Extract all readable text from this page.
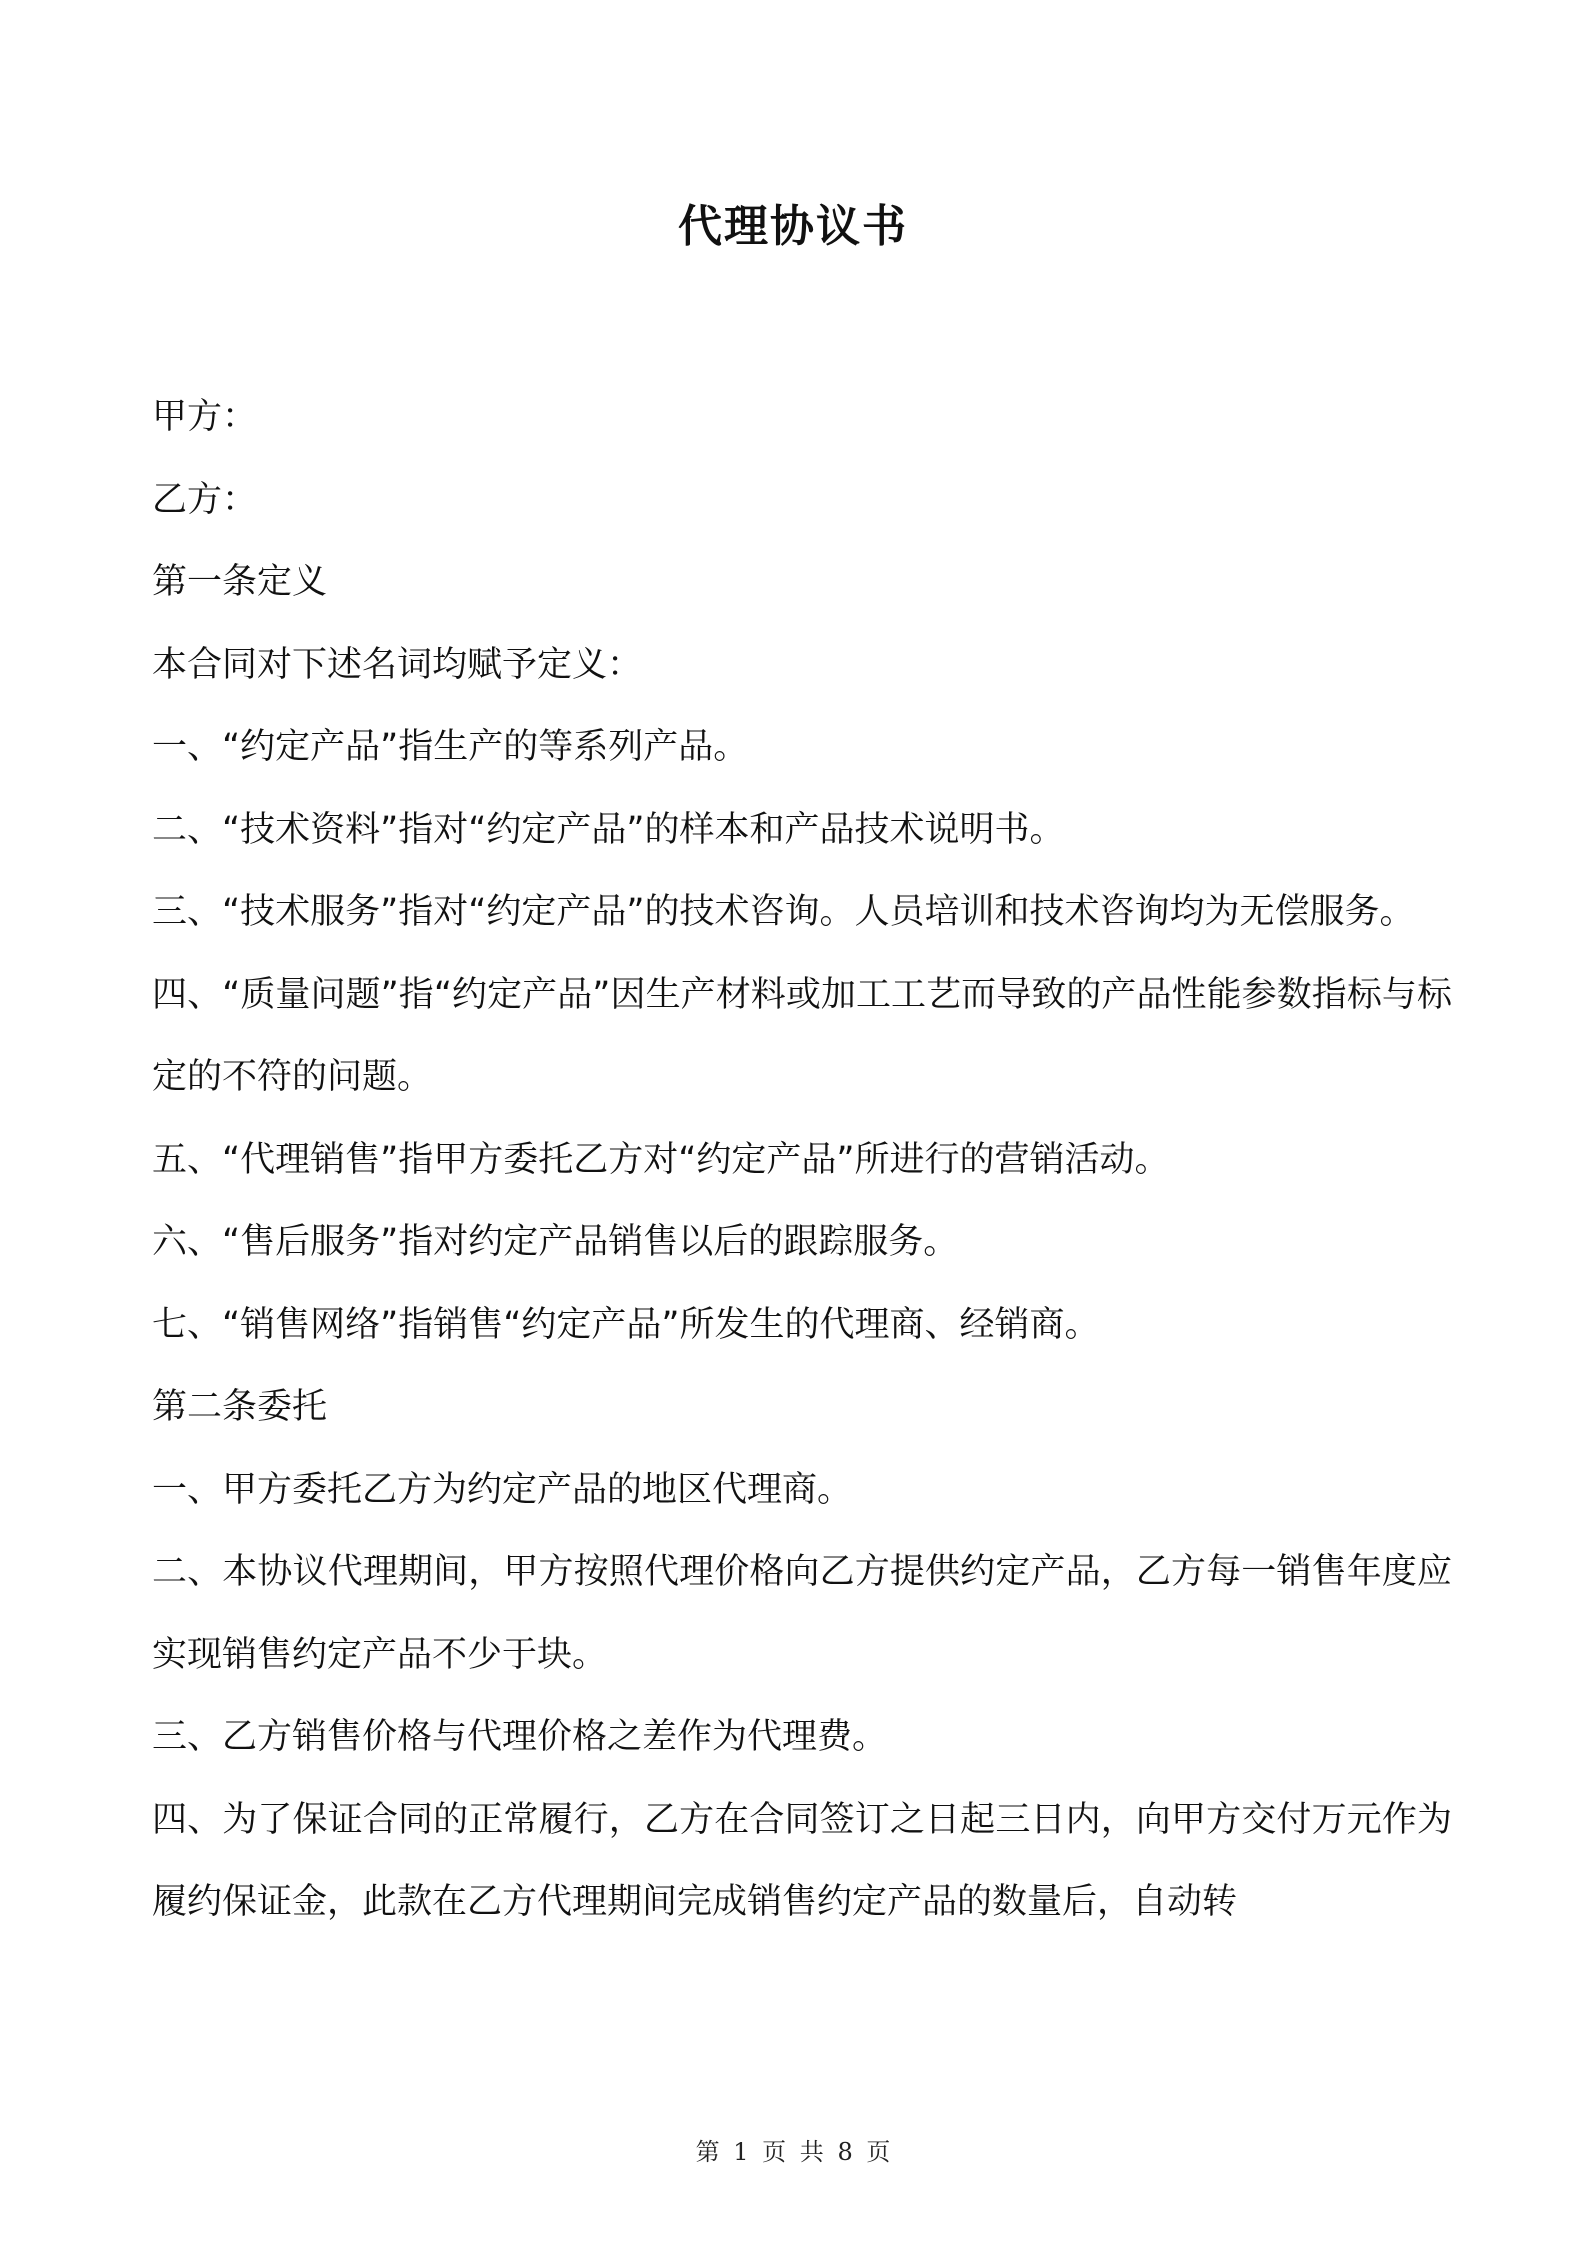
代理协议书

甲方：

乙方：

第一条定义

本合同对下述名词均赋予定义：

一、“约定产品”指生产的等系列产品。

二、“技术资料”指对“约定产品”的样本和产品技术说明书。

三、“技术服务”指对“约定产品”的技术咨询。人员培训和技术咨询均为无偿服务。

四、“质量问题”指“约定产品”因生产材料或加工工艺而导致的产品性能参数指标与标定的不符的问题。

五、“代理销售”指甲方委托乙方对“约定产品”所进行的营销活动。

六、“售后服务”指对约定产品销售以后的跟踪服务。

七、“销售网络”指销售“约定产品”所发生的代理商、经销商。

第二条委托

一、甲方委托乙方为约定产品的地区代理商。

二、本协议代理期间，甲方按照代理价格向乙方提供约定产品，乙方每一销售年度应实现销售约定产品不少于块。

三、乙方销售价格与代理价格之差作为代理费。

四、为了保证合同的正常履行，乙方在合同签订之日起三日内，向甲方交付万元作为履约保证金，此款在乙方代理期间完成销售约定产品的数量后，自动转

第 1 页 共 8 页
